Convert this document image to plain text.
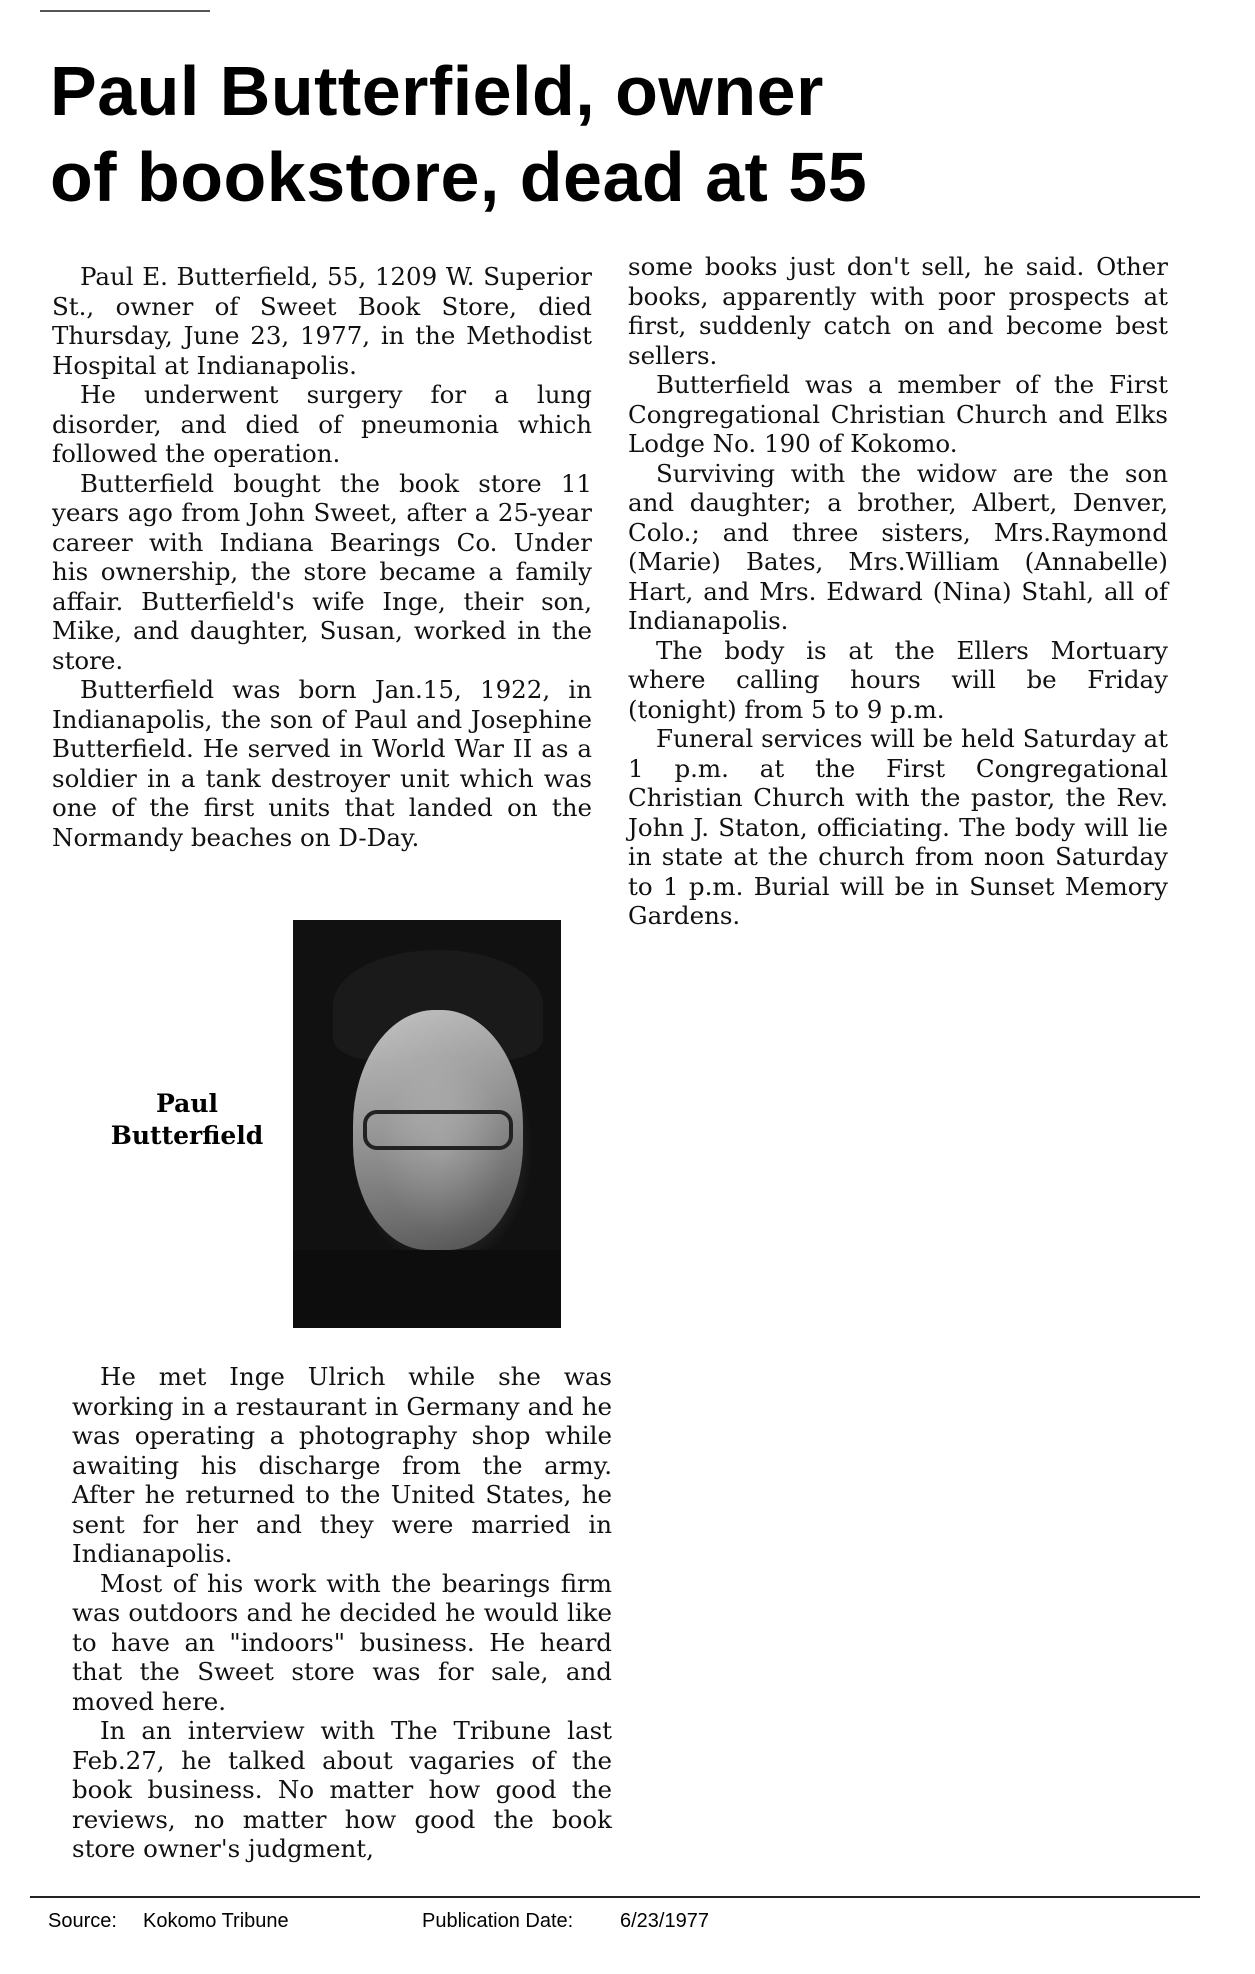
Paul Butterfield, owner
of bookstore, dead at 55

Paul E. Butterfield, 55, 1209 W. Superior St., owner of Sweet Book Store, died Thursday, June 23, 1977, in the Methodist Hospital at Indianapolis.

He underwent surgery for a lung disorder, and died of pneumonia which followed the operation.

Butterfield bought the book store 11 years ago from John Sweet, after a 25-year career with Indiana Bearings Co. Under his ownership, the store became a family affair. Butterfield's wife Inge, their son, Mike, and daughter, Susan, worked in the store.

Butterfield was born Jan.15, 1922, in Indianapolis, the son of Paul and Josephine Butterfield. He served in World War II as a soldier in a tank destroyer unit which was one of the first units that landed on the Normandy beaches on D-Day.

Paul
Butterfield

He met Inge Ulrich while she was working in a restaurant in Germany and he was operating a photography shop while awaiting his discharge from the army. After he returned to the United States, he sent for her and they were married in Indianapolis.

Most of his work with the bearings firm was outdoors and he decided he would like to have an "indoors" business. He heard that the Sweet store was for sale, and moved here.

In an interview with The Tribune last Feb.27, he talked about vagaries of the book business. No matter how good the reviews, no matter how good the book store owner's judgment,

some books just don't sell, he said. Other books, apparently with poor prospects at first, suddenly catch on and become best sellers.

Butterfield was a member of the First Congregational Christian Church and Elks Lodge No. 190 of Kokomo.

Surviving with the widow are the son and daughter; a brother, Albert, Denver, Colo.; and three sisters, Mrs.Raymond (Marie) Bates, Mrs.William (Annabelle) Hart, and Mrs. Edward (Nina) Stahl, all of Indianapolis.

The body is at the Ellers Mortuary where calling hours will be Friday (tonight) from 5 to 9 p.m.

Funeral services will be held Saturday at 1 p.m. at the First Congregational Christian Church with the pastor, the Rev. John J. Staton, officiating. The body will lie in state at the church from noon Saturday to 1 p.m. Burial will be in Sunset Memory Gardens.

Source: Kokomo Tribune	Publication Date: 6/23/1977
